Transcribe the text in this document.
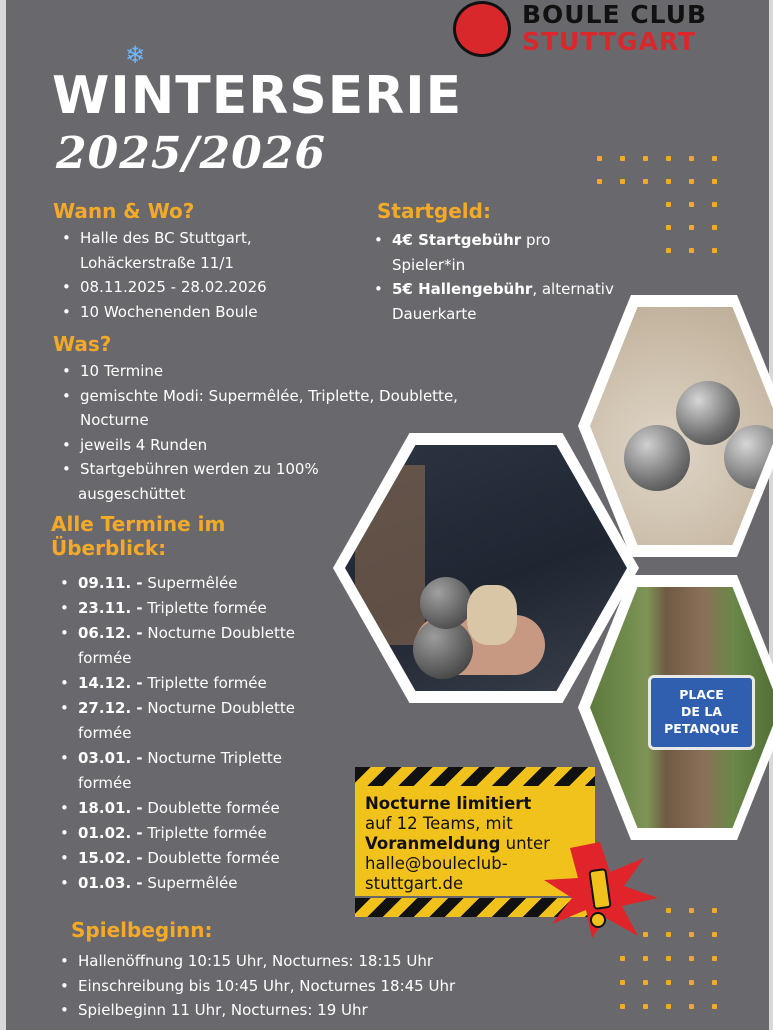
BOULE CLUB
STUTTGART
❄
WINTERSERIE
2025/2026
Wann & Wo?
• Halle des BC Stuttgart,
Lohäckerstraße 11/1
• 08.11.2025 - 28.02.2026
• 10 Wochenenden Boule
Startgeld:
• 4€ Startgebühr pro
Spieler*in
• 5€ Hallengebühr, alternativ
Dauerkarte
Was?
• 10 Termine
• gemischte Modi: Supermêlée, Triplette, Doublette,
Nocturne
• jeweils 4 Runden
• Startgebühren werden zu 100%
ausgeschüttet
Alle Termine im
Überblick:
• 09.11. - Supermêlée
• 23.11. - Triplette formée
• 06.12. - Nocturne Doublette
formée
• 14.12. - Triplette formée
• 27.12. - Nocturne Doublette
formée
• 03.01. - Nocturne Triplette
formée
• 18.01. - Doublette formée
• 01.02. - Triplette formée
• 15.02. - Doublette formée
• 01.03. - Supermêlée
PLACE
DE LA
PETANQUE
Nocturne limitiert
auf 12 Teams, mit
Voranmeldung unter
halle@bouleclub-
stuttgart.de
Spielbeginn:
• Hallenöffnung 10:15 Uhr, Nocturnes: 18:15 Uhr
• Einschreibung bis 10:45 Uhr, Nocturnes 18:45 Uhr
• Spielbeginn 11 Uhr, Nocturnes: 19 Uhr
